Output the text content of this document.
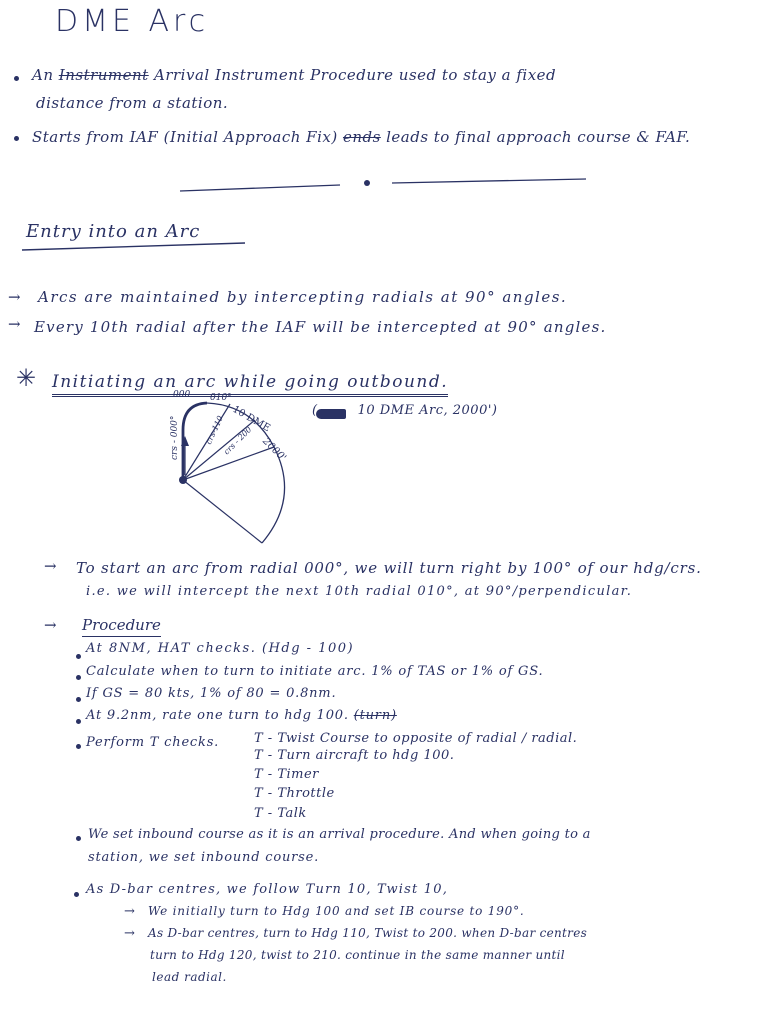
DME Arc
An Instrument Arrival Instrument Procedure used to stay a fixed
distance from a station.
Starts from IAF (Initial Approach Fix) ends leads to final approach course & FAF.
Entry into an Arc
→ Arcs are maintained by intercepting radials at 90° angles.
→ Every 10th radial after the IAF will be intercepted at 90° angles.
✳ Initiating an arc while going outbound.
(	10 DME Arc, 2000')
000 010°
10 DME
2000'
crs - 000°	crs-110
crs - 200
→ To start an arc from radial 000°, we will turn right by 100° of our hdg/crs.
i.e. we will intercept the next 10th radial 010°, at 90°/perpendicular.
→ Procedure
At 8NM, HAT checks. (Hdg - 100)
Calculate when to turn to initiate arc. 1% of TAS or 1% of GS.
If GS = 80 kts, 1% of 80 = 0.8nm.
At 9.2nm, rate one turn to hdg 100. (turn)
Perform T checks.	T - Twist Course to opposite of radial / radial.
T - Turn aircraft to hdg 100.
T - Timer
T - Throttle
T - Talk
We set inbound course as it is an arrival procedure. And when going to a
station, we set inbound course.
As D-bar centres, we follow Turn 10, Twist 10,
→ We initially turn to Hdg 100 and set IB course to 190°.
→ As D-bar centres, turn to Hdg 110, Twist to 200. when D-bar centres
turn to Hdg 120, twist to 210. continue in the same manner until
lead radial.
